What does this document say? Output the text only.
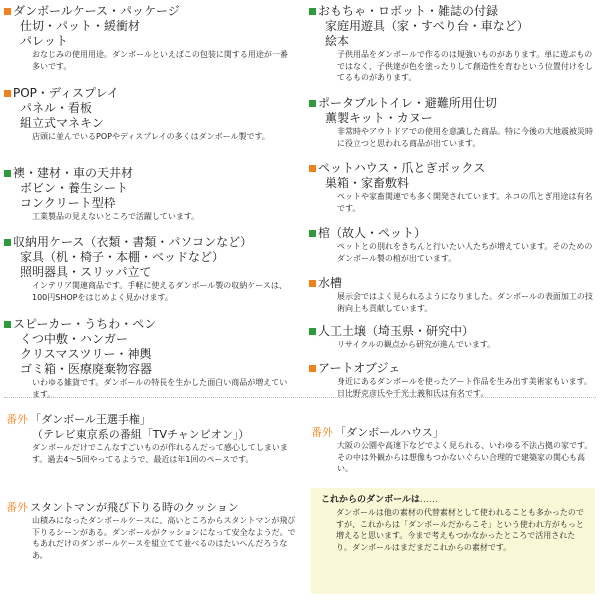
ダンボールケース・パッケージ
仕切・パット・緩衝材
パレット
おなじみの使用用途。ダンボールといえばこの包装に関する用途が一番多いです。
POP・ディスプレイ
パネル・看板
組立式マネキン
店頭に並んでいるPOPやディスプレイの多くはダンボール製です。
襖・建材・車の天井材
ボビン・養生シート
コンクリート型枠
工業製品の見えないところで活躍しています。
収納用ケース（衣類・書類・パソコンなど）
家具（机・椅子・本棚・ベッドなど）
照明器具・スリッパ立て
インテリア関連商品です。手軽に使えるダンボール製の収納ケースは、100円SHOPをはじめよく見かけます。
スピーカー・うちわ・ペン
くつ中敷・ハンガー
クリスマスツリー・神輿
ゴミ箱・医療廃棄物容器
いわゆる雑貨です。ダンボールの特長を生かした面白い商品が増えています。
おもちゃ・ロボット・雑誌の付録
家庭用遊具（家・すべり台・車など）
絵本
子供用品をダンボールで作るのは規強いものがあります。単に遊ぶものではなく、子供達が色を塗ったりして創造性を育むという位置付けをしてるものがあります。
ポータブルトイレ・避難所用仕切
薫製キット・カヌー
非常時やアウトドアでの使用を意識した商品。特に今後の大地震被災時に役立つと思われる商品が出ています。
ペットハウス・爪とぎボックス
巣箱・家畜敷料
ペットや家畜関連でも多く開発されています。ネコの爪とぎ用途は有名です。
棺（故人・ペット）
ペットとの別れをきちんと行いたい人たちが増えています。そのためのダンボール製の棺が出ています。
水槽
展示会ではよく見られるようになりました。ダンボールの表面加工の技術向上も貢献しています。
人工土壌（埼玉県・研究中）
リサイクルの観点から研究が進んでいます。
アートオブジェ
身近にあるダンボールを使ったアート作品を生み出す美術家もいます。日比野克彦氏や千光士義和氏は有名です。
番外 「ダンボール王選手権」
（テレビ東京系の番組「TVチャンピオン」）
ダンボールだけでこんなすごいものが作れるんだって感心してしまいます。過去4〜5回やってるようで、最近は年1回のペースです。
番外 スタントマンが飛び下りる時のクッション
山積みになったダンボールケースに、高いところからスタントマンが飛び下りるシーンがある。ダンボールがクッションになって安全なようだ。でもあれだけのダンボールケースを組立てて並べるのはたいへんだろうなあ。
番外 「ダンボールハウス」
大阪の公園や高速下などでよく見られる、いわゆる不法占拠の家です。その中は外観からは想像もつかないぐらい合理的で建築家の関心も高い。
これからのダンボールは……
ダンボールは他の素材の代替素材として使われることも多かったのですが、これからは「ダンボールだからこそ」という使われ方がもっと増えると思います。今まで考えもつかなかったところで活用されたり。ダンボールはまだまだこれからの素材です。
